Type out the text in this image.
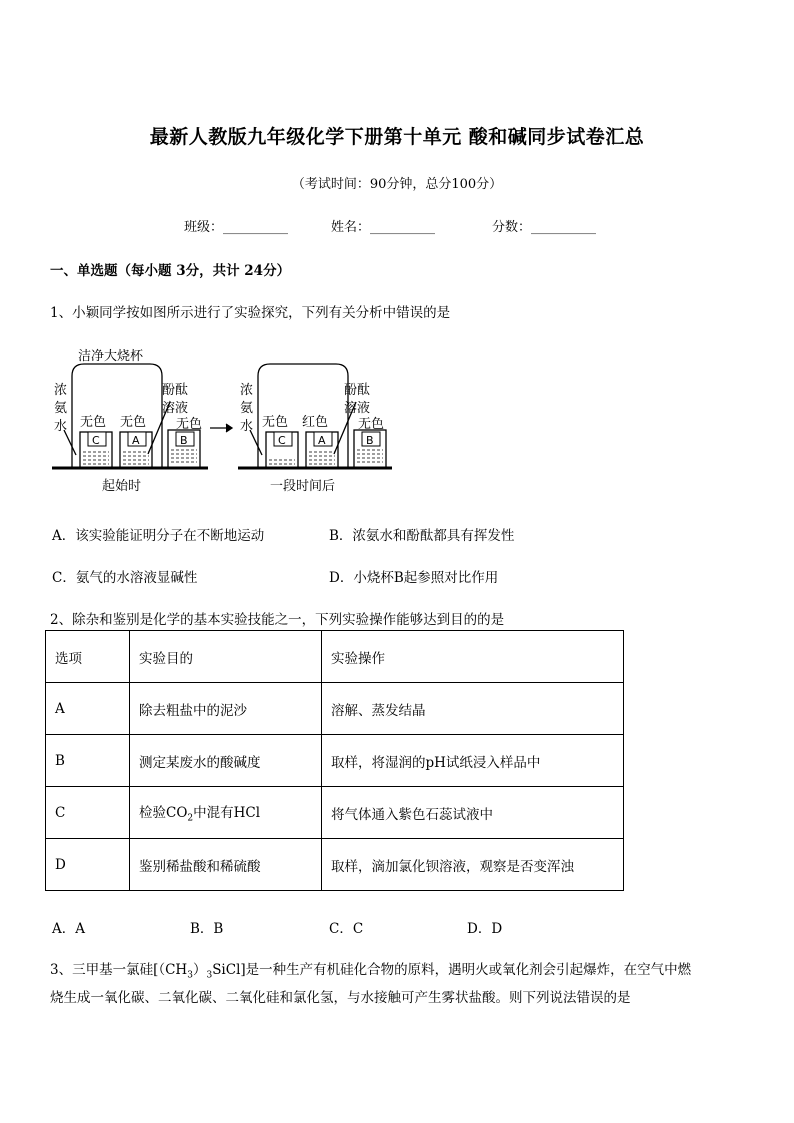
最新人教版九年级化学下册第十单元 酸和碱同步试卷汇总
（考试时间：90分钟，总分100分）
班级：__________	姓名：__________	分数：__________
一、单选题（每小题 3分，共计 24分）
1、小颖同学按如图所示进行了实验探究，下列有关分析中错误的是
洁净大烧杯
浓
氨
水
酚酞
溶液
无色
无色 无色
C	A	B
浓
氨
水
酚酞
溶液
无色
无色 红色
C	A	B
起始时	一段时间后
A．该实验能证明分子在不断地运动	B．浓氨水和酚酞都具有挥发性
C．氨气的水溶液显碱性	D．小烧杯B起参照对比作用
2、除杂和鉴别是化学的基本实验技能之一，下列实验操作能够达到目的的是
选项	实验目的	实验操作
A	除去粗盐中的泥沙	溶解、蒸发结晶
B	测定某废水的酸碱度	取样，将湿润的pH试纸浸入样品中
C	检验$CO_2$中混有HCl	将气体通入紫色石蕊试液中
D	鉴别稀盐酸和稀硫酸	取样，滴加氯化钡溶液，观察是否变浑浊
A．A	B．B	C．C	D．D
3、三甲基一氯硅$[(CH_3)_3SiCl]$是一种生产有机硅化合物的原料，遇明火或氧化剂会引起爆炸，在空气中燃
烧生成一氧化碳、二氧化碳、二氧化硅和氯化氢，与水接触可产生雾状盐酸。则下列说法错误的是
